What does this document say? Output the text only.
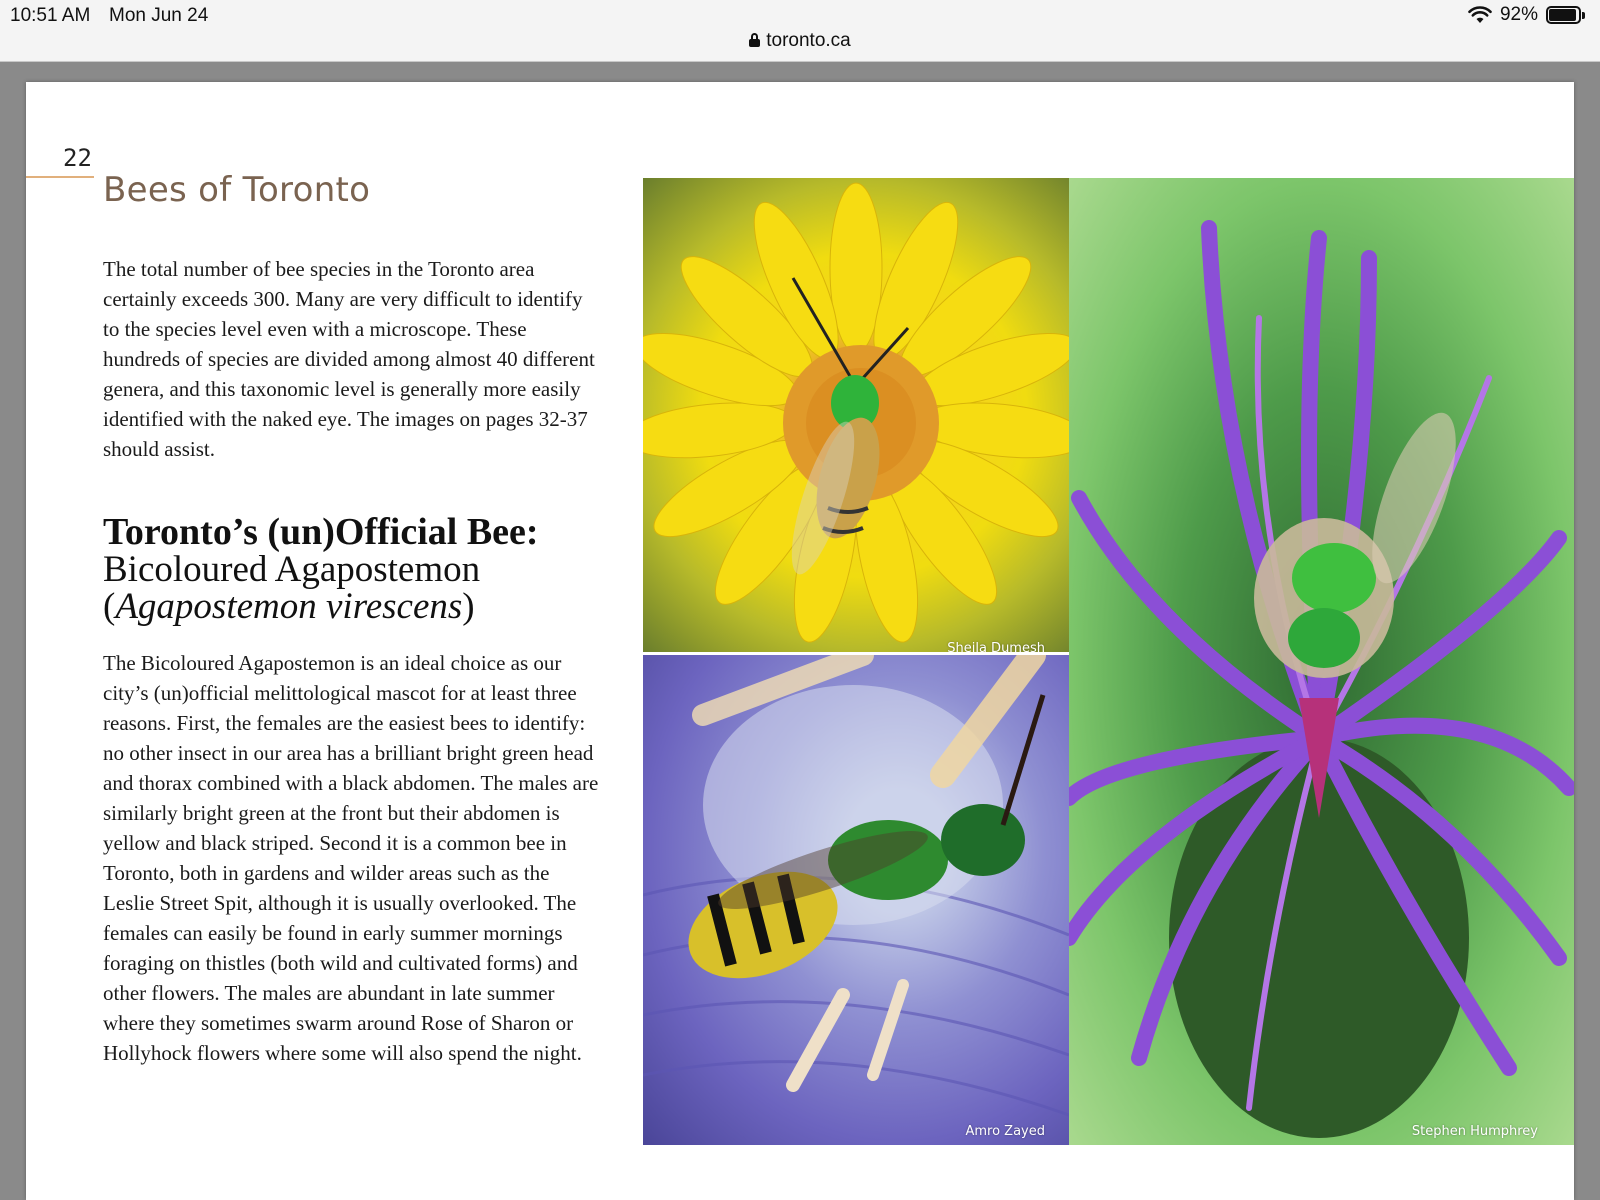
10:51 AM Mon Jun 24	92%
toronto.ca
22
Bees of Toronto

The total number of bee species in the Toronto area certainly exceeds 300. Many are very difficult to identify to the species level even with a microscope. These hundreds of species are divided among almost 40 different genera, and this taxonomic level is generally more easily identified with the naked eye. The images on pages 32-37 should assist.

Toronto’s (un)Official Bee:
Bicoloured Agapostemon
(Agapostemon virescens)

The Bicoloured Agapostemon is an ideal choice as our city’s (un)official melittological mascot for at least three reasons. First, the females are the easiest bees to identify: no other insect in our area has a brilliant bright green head and thorax combined with a black abdomen. The males are similarly bright green at the front but their abdomen is yellow and black striped. Second it is a common bee in Toronto, both in gardens and wilder areas such as the Leslie Street Spit, although it is usually overlooked. The females can easily be found in early summer mornings foraging on thistles (both wild and cultivated forms) and other flowers. The males are abundant in late summer where they sometimes swarm around Rose of Sharon or Hollyhock flowers where some will also spend the night.

Sheila Dumesh
Amro Zayed	Stephen Humphrey
